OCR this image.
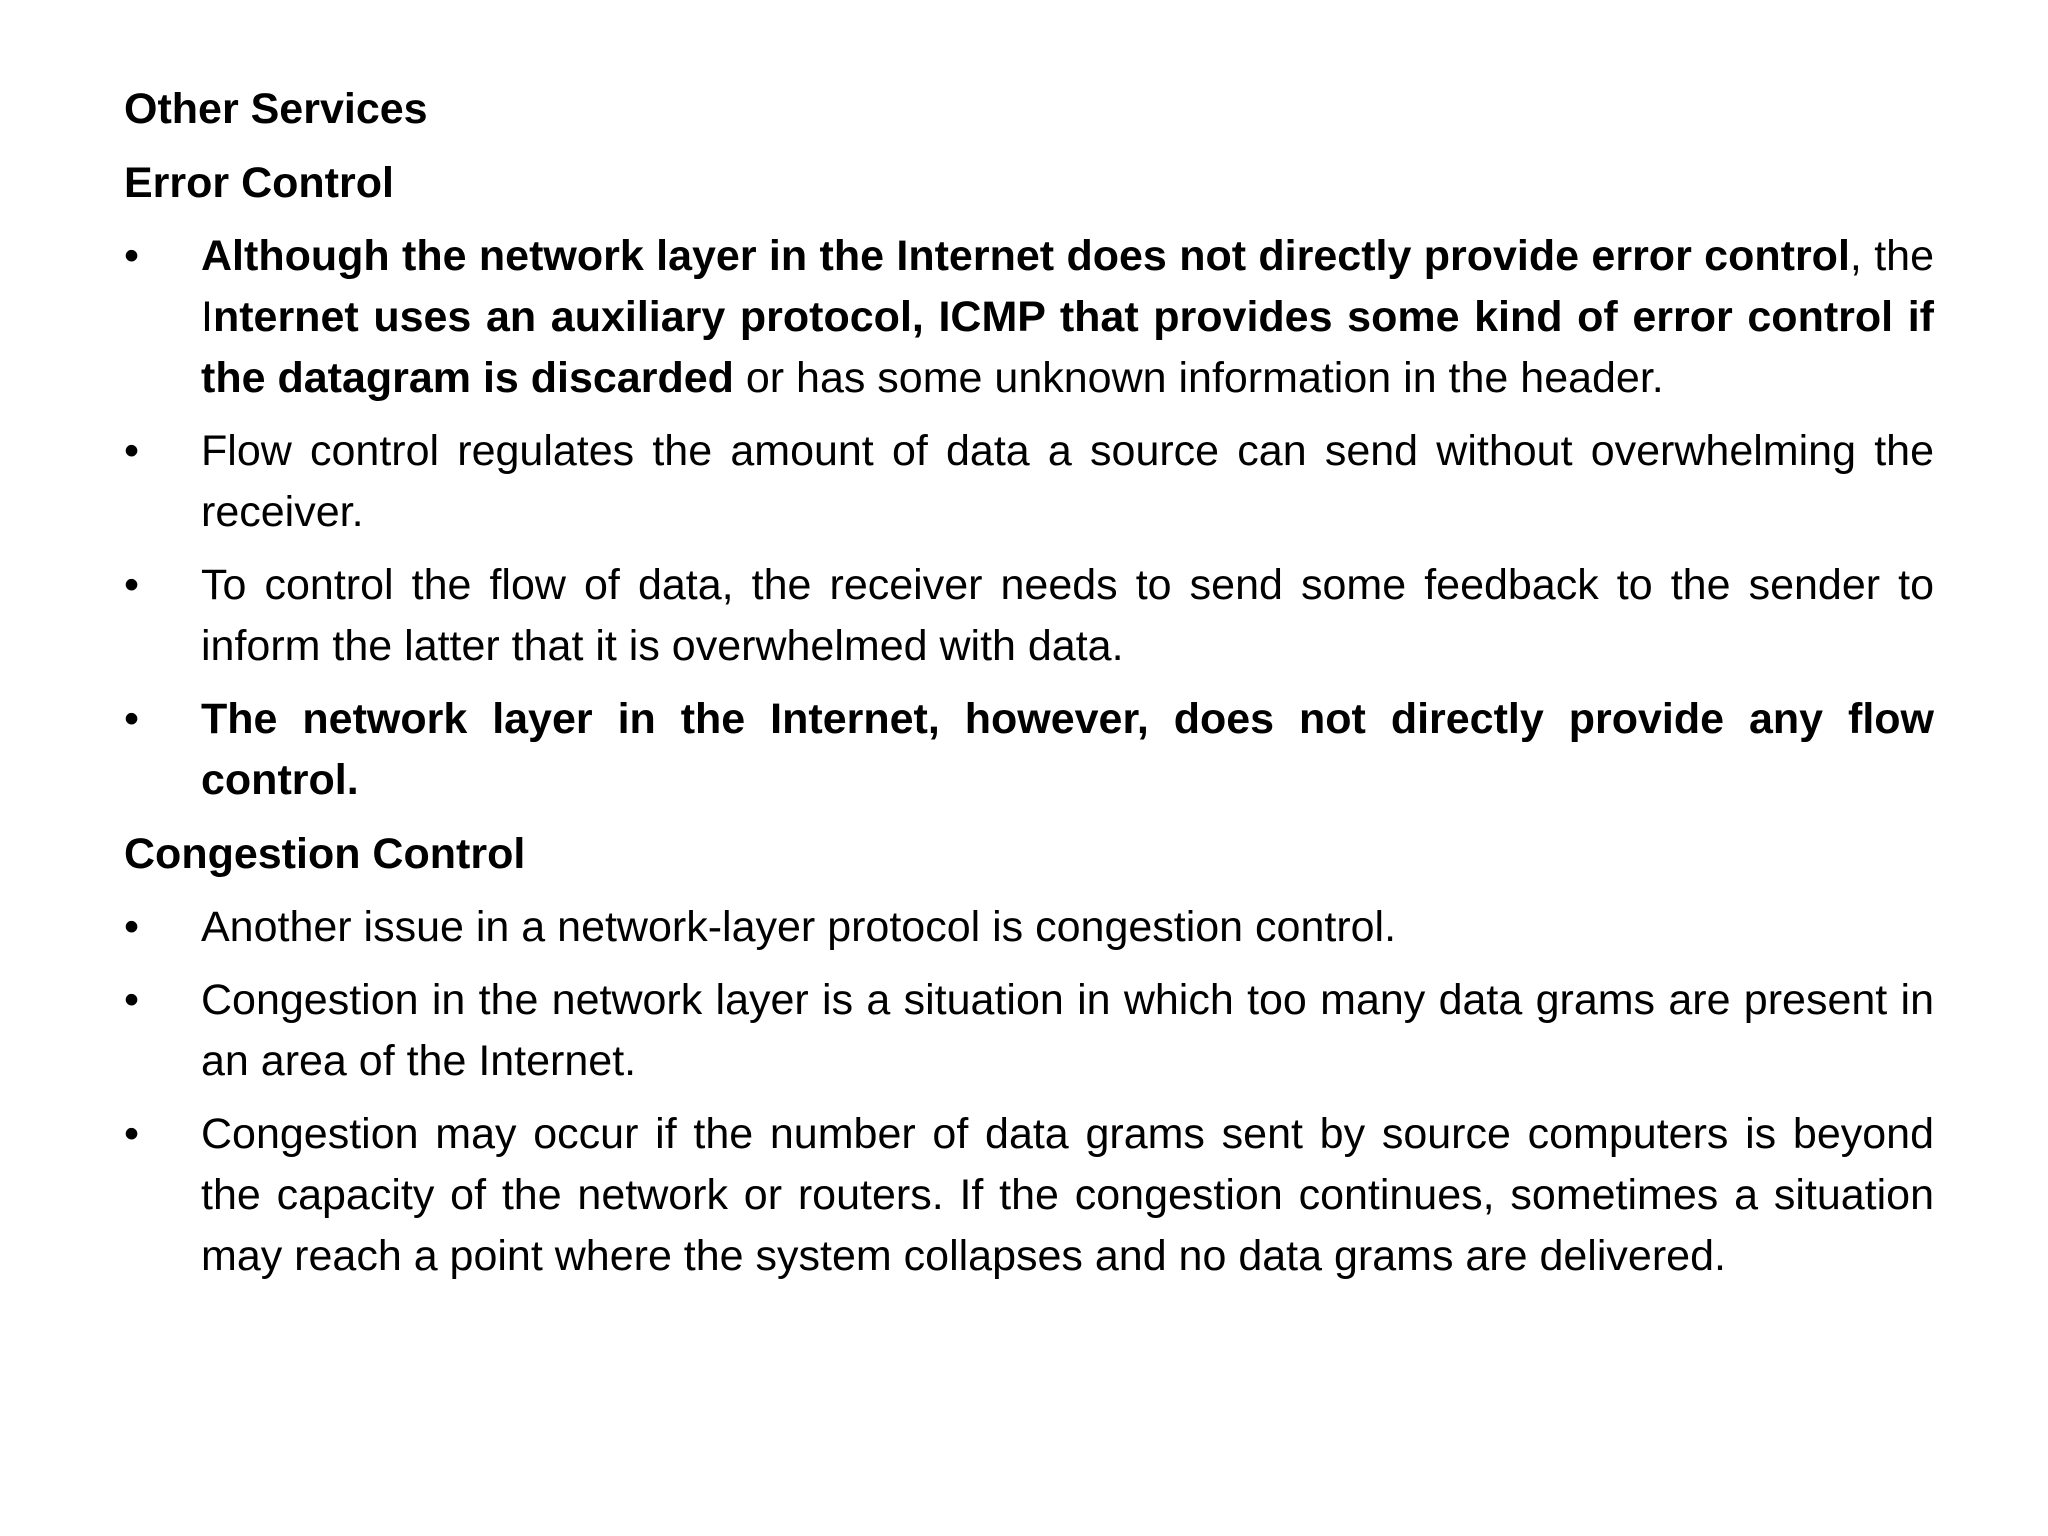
Other Services
Error Control
•	Although the network layer in the Internet does not directly provide error control, the Internet uses an auxiliary protocol, ICMP that provides some kind of error control if the datagram is discarded or has some unknown information in the header.
•	Flow control regulates the amount of data a source can send without overwhelming the receiver.
•	To control the flow of data, the receiver needs to send some feedback to the sender to inform the latter that it is overwhelmed with data.
•	The network layer in the Internet, however, does not directly provide any flow control.
Congestion Control
•	Another issue in a network-layer protocol is congestion control.
•	Congestion in the network layer is a situation in which too many data grams are present in an area of the Internet.
•	Congestion may occur if the number of data grams sent by source computers is beyond the capacity of the network or routers. If the congestion continues, sometimes a situation may reach a point where the system collapses and no data grams are delivered.
